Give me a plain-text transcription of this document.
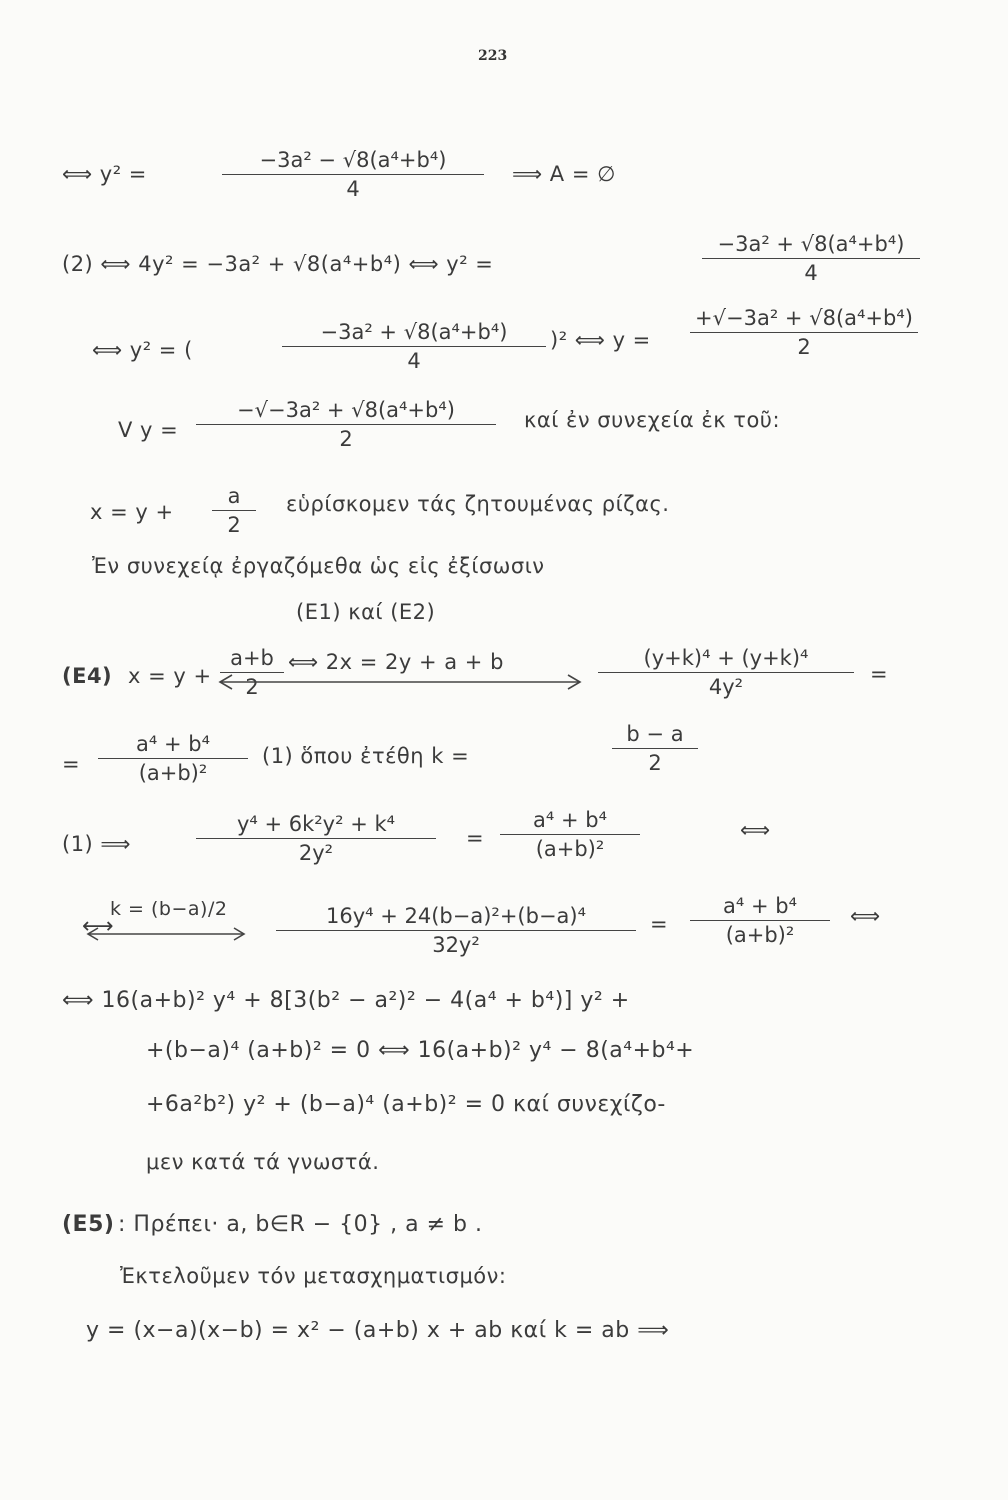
223
⟺ y² =	$\frac{\text{−3a² − √8(a⁴+b⁴)}}{4}$ ⟹ A = ∅
(2) ⟺ 4y² = −3a² + √8(a⁴+b⁴) ⟺ y² =	$\frac{\text{−3a² + √8(a⁴+b⁴)}}{4}$
⟺ y² = (	$\frac{\text{−3a² + √8(a⁴+b⁴)}}{4} )^2$ ⟺ $y = \frac{\text{+√−3a² + √8(a⁴+b⁴)}}{2}$
V $y = \frac{\text{−√−3a² + √8(a⁴+b⁴)}}{2}$ καί ἐν συνεχεία ἐκ τοῦ:
$x = y + \frac{a}{2}$ εὑρίσκομεν τάς ζητουμένας ρίζας.
Ἐν συνεχείᾳ ἐργαζόμεθα ὡς εἰς ἐξίσωσιν
(E1) καί (E2)
(E4) $x = y + \frac{a+b}{2}$ ⟺ 2x = 2y + a + b	$\frac{\text{(y+k)⁴ + (y+k)⁴}}{\text{4y²}}$ =
= $\frac{\text{a⁴ + b⁴}}{\text{(a+b)²}} (1)$ ὅπου ἐτέθη k =	$\frac{b - a}{2}$
(1) ⟹	$\frac{\text{y⁴ + 6k²y² + k⁴}}{\text{2y²}} = \frac{\text{a⁴ + b⁴}}{\text{(a+b)²}}$	⟺
k = (b−a)/2
⟷	$\frac{\text{16y⁴ + 24(b−a)²+(b−a)⁴}}{\text{32y²}} = \frac{\text{a⁴ + b⁴}}{\text{(a+b)²}}$ ⟺
⟺ 16(a+b)² y⁴ + 8[3(b² − a²)² − 4(a⁴ + b⁴)] y² +
+(b−a)⁴ (a+b)² = 0 ⟺ 16(a+b)² y⁴ − 8(a⁴+b⁴+
+6a²b²) y² + (b−a)⁴ (a+b)² = 0 καί συνεχίζο-
μεν κατά τά γνωστά.
(E5) : Πρέπει· a, b∈R − {0} , a ≠ b .
Ἐκτελοῦμεν τόν μετασχηματισμόν:
y = (x−a)(x−b) = x² − (a+b) x + ab καί k = ab ⟹
